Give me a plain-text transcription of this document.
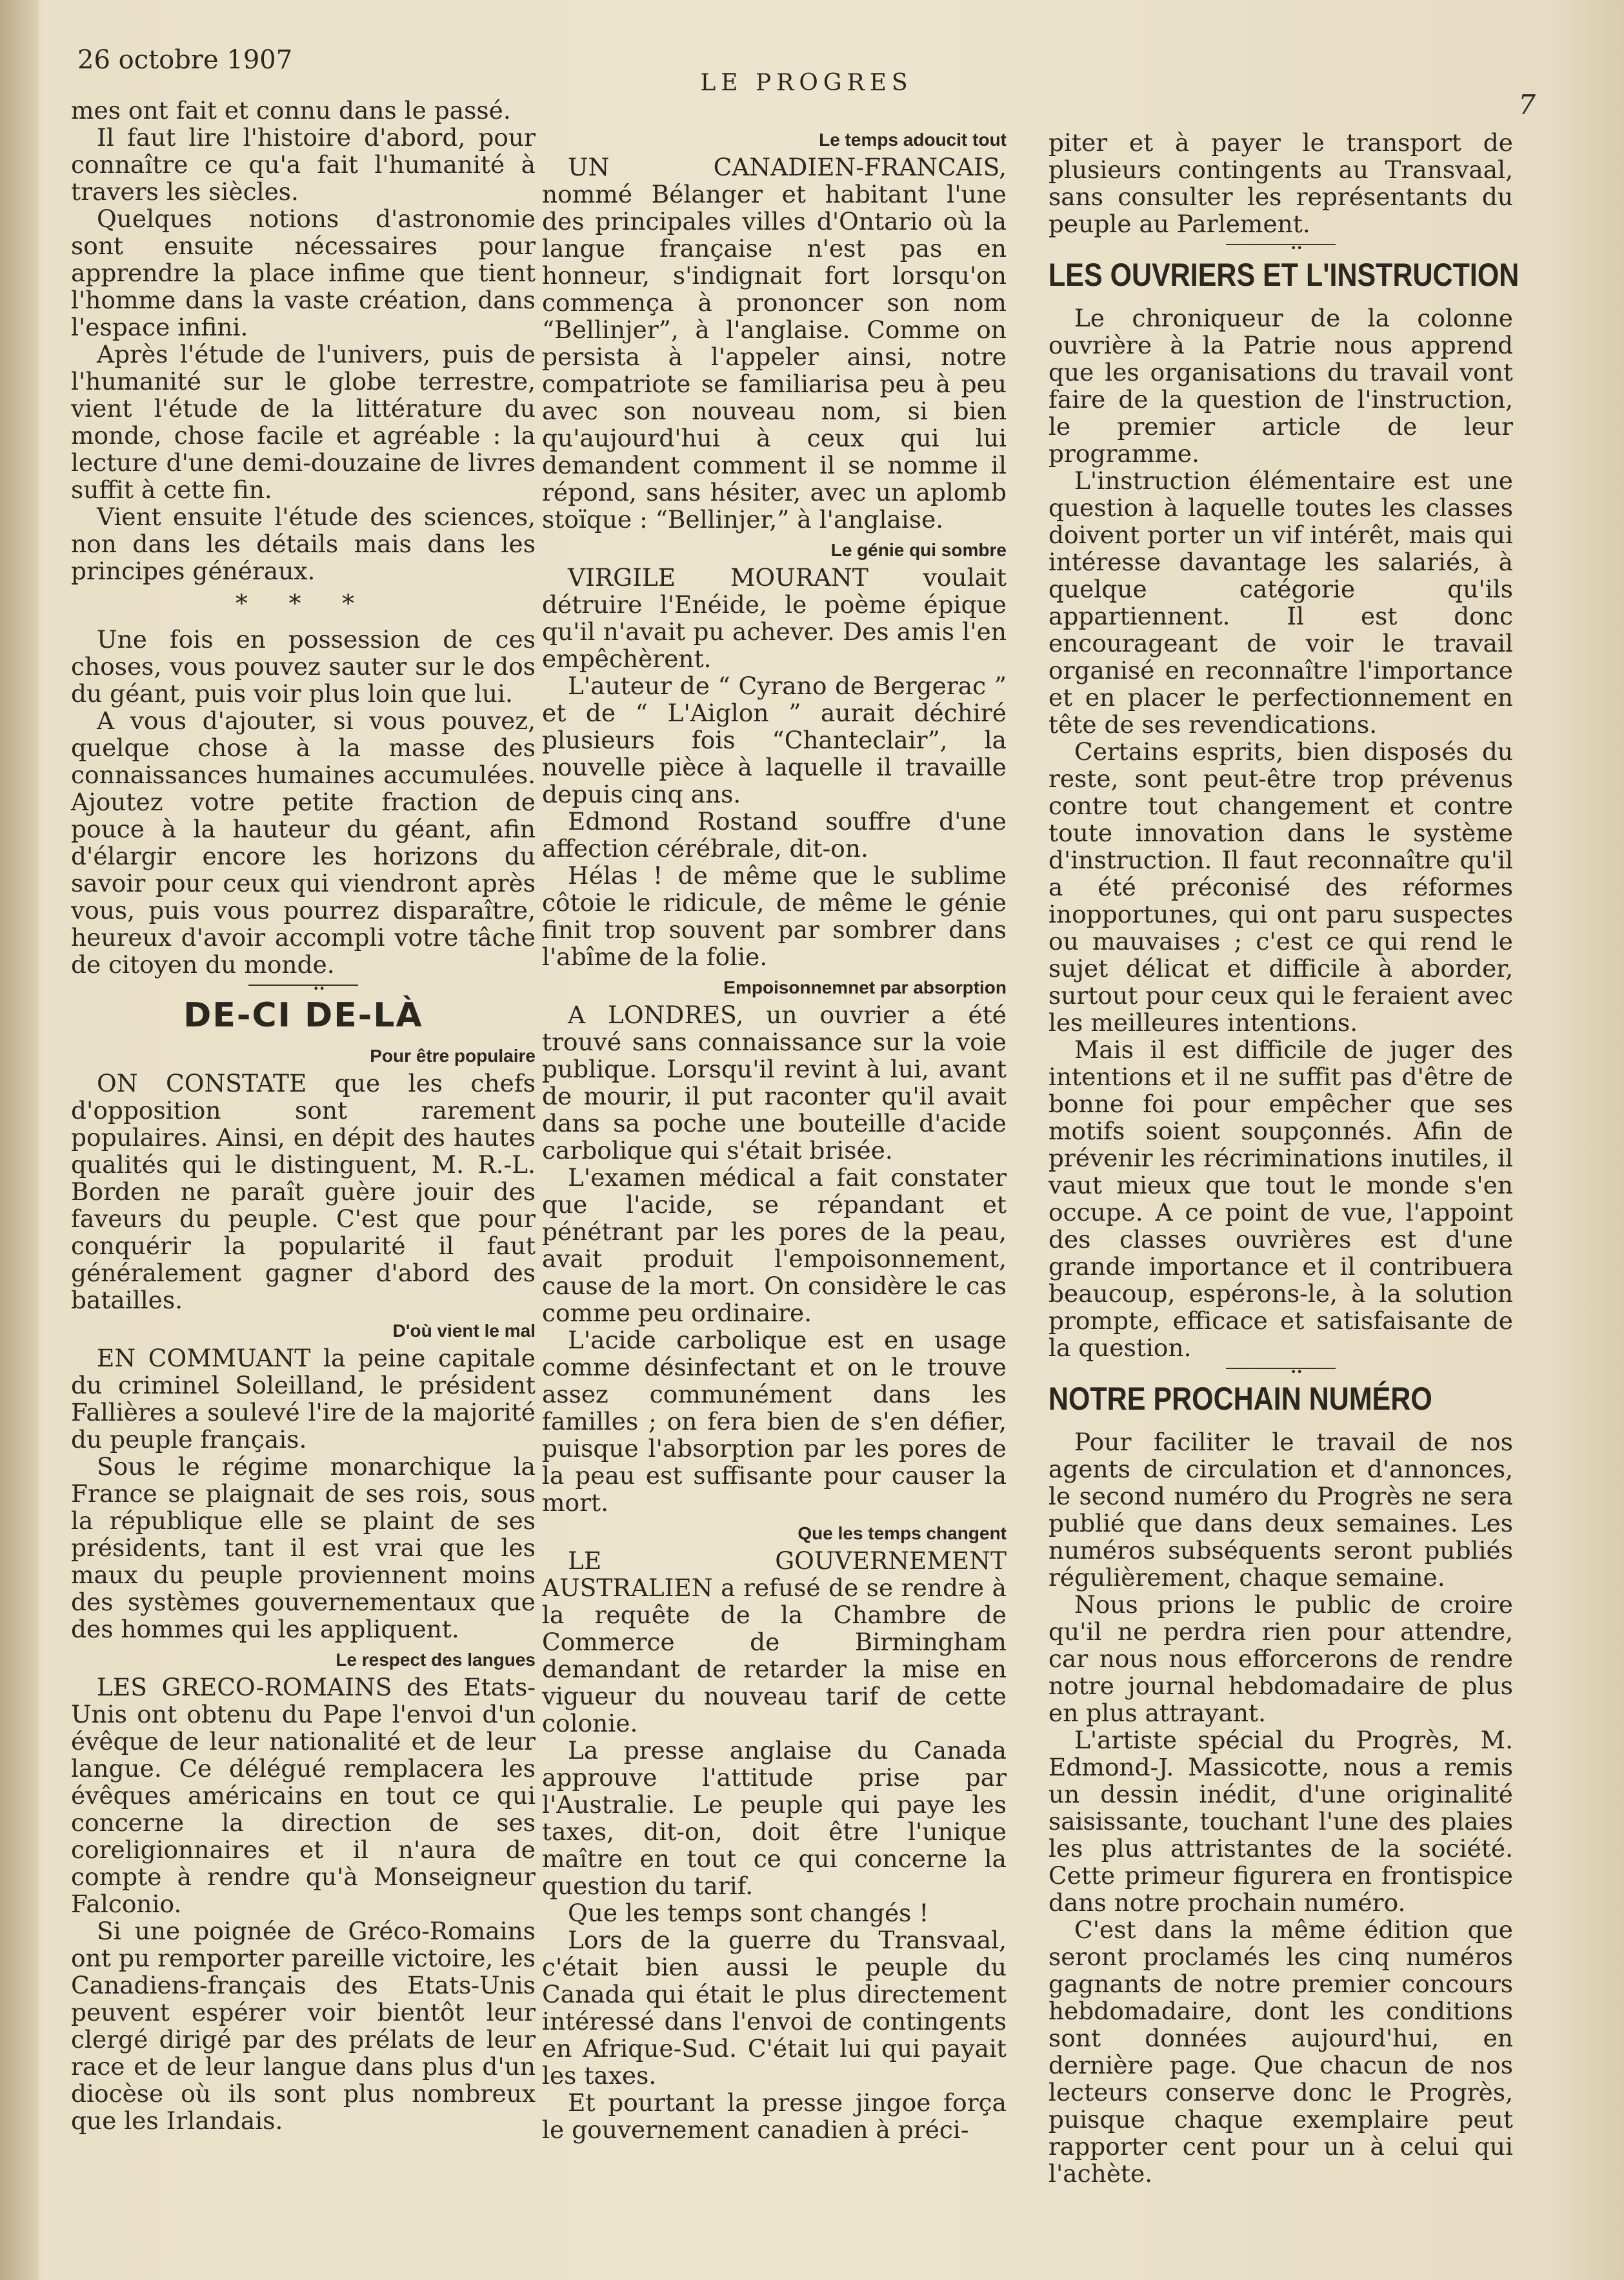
26 octobre 1907
LE PROGRES
7

mes ont fait et connu dans le passé.

Il faut lire l'histoire d'abord, pour connaître ce qu'a fait l'humanité à travers les siècles.

Quelques notions d'astronomie sont ensuite nécessaires pour apprendre la place infime que tient l'homme dans la vaste création, dans l'espace infini.

Après l'étude de l'univers, puis de l'humanité sur le globe terrestre, vient l'étude de la littérature du monde, chose facile et agréable : la lecture d'une demi-douzaine de livres suffit à cette fin.

Vient ensuite l'étude des sciences, non dans les détails mais dans les principes généraux.

* * *

Une fois en possession de ces choses, vous pouvez sauter sur le dos du géant, puis voir plus loin que lui.

A vous d'ajouter, si vous pouvez, quelque chose à la masse des connaissances humaines accumulées. Ajoutez votre petite fraction de pouce à la hauteur du géant, afin d'élargir encore les horizons du savoir pour ceux qui viendront après vous, puis vous pourrez disparaître, heureux d'avoir accompli votre tâche de citoyen du monde.

••
DE-CI DE-LÀ
Pour être populaire

ON CONSTATE que les chefs d'opposition sont rarement populaires. Ainsi, en dépit des hautes qualités qui le distinguent, M. R.-L. Borden ne paraît guère jouir des faveurs du peuple. C'est que pour conquérir la popularité il faut généralement gagner d'abord des batailles.

D'où vient le mal

EN COMMUANT la peine capitale du criminel Soleilland, le président Fallières a soulevé l'ire de la majorité du peuple français.

Sous le régime monarchique la France se plaignait de ses rois, sous la république elle se plaint de ses présidents, tant il est vrai que les maux du peuple proviennent moins des systèmes gouvernementaux que des hommes qui les appliquent.

Le respect des langues

LES GRECO-ROMAINS des Etats-Unis ont obtenu du Pape l'envoi d'un évêque de leur nationalité et de leur langue. Ce délégué remplacera les évêques américains en tout ce qui concerne la direction de ses coreligionnaires et il n'aura de compte à rendre qu'à Monseigneur Falconio.

Si une poignée de Gréco-Romains ont pu remporter pareille victoire, les Canadiens-français des Etats-Unis peuvent espérer voir bientôt leur clergé dirigé par des prélats de leur race et de leur langue dans plus d'un diocèse où ils sont plus nombreux que les Irlandais.

Le temps adoucit tout

UN CANADIEN-FRANCAIS, nommé Bélanger et habitant l'une des principales villes d'Ontario où la langue française n'est pas en honneur, s'indignait fort lorsqu'on commença à prononcer son nom “Bellinjer”, à l'anglaise. Comme on persista à l'appeler ainsi, notre compatriote se familiarisa peu à peu avec son nouveau nom, si bien qu'aujourd'hui à ceux qui lui demandent comment il se nomme il répond, sans hésiter, avec un aplomb stoïque : “Bellinjer,” à l'anglaise.

Le génie qui sombre

VIRGILE MOURANT voulait détruire l'Enéide, le poème épique qu'il n'avait pu achever. Des amis l'en empêchèrent.

L'auteur de “ Cyrano de Bergerac ” et de “ L'Aiglon ” aurait déchiré plusieurs fois “Chanteclair”, la nouvelle pièce à laquelle il travaille depuis cinq ans.

Edmond Rostand souffre d'une affection cérébrale, dit-on.

Hélas ! de même que le sublime côtoie le ridicule, de même le génie finit trop souvent par sombrer dans l'abîme de la folie.

Empoisonnemnet par absorption

A LONDRES, un ouvrier a été trouvé sans connaissance sur la voie publique. Lorsqu'il revint à lui, avant de mourir, il put raconter qu'il avait dans sa poche une bouteille d'acide carbolique qui s'était brisée.

L'examen médical a fait constater que l'acide, se répandant et pénétrant par les pores de la peau, avait produit l'empoisonnement, cause de la mort. On considère le cas comme peu ordinaire.

L'acide carbolique est en usage comme désinfectant et on le trouve assez communément dans les familles ; on fera bien de s'en défier, puisque l'absorption par les pores de la peau est suffisante pour causer la mort.

Que les temps changent

LE GOUVERNEMENT AUSTRALIEN a refusé de se rendre à la requête de la Chambre de Commerce de Birmingham demandant de retarder la mise en vigueur du nouveau tarif de cette colonie.

La presse anglaise du Canada approuve l'attitude prise par l'Australie. Le peuple qui paye les taxes, dit-on, doit être l'unique maître en tout ce qui concerne la question du tarif.

Que les temps sont changés !

Lors de la guerre du Transvaal, c'était bien aussi le peuple du Canada qui était le plus directement intéressé dans l'envoi de contingents en Afrique-Sud. C'était lui qui payait les taxes.

Et pourtant la presse jingoe força le gouvernement canadien à préci-

piter et à payer le transport de plusieurs contingents au Transvaal, sans consulter les représentants du peuple au Parlement.

••
LES OUVRIERS ET L'INSTRUCTION

Le chroniqueur de la colonne ouvrière à la Patrie nous apprend que les organisations du travail vont faire de la question de l'instruction, le premier article de leur programme.

L'instruction élémentaire est une question à laquelle toutes les classes doivent porter un vif intérêt, mais qui intéresse davantage les salariés, à quelque catégorie qu'ils appartiennent. Il est donc encourageant de voir le travail organisé en reconnaître l'importance et en placer le perfectionnement en tête de ses revendications.

Certains esprits, bien disposés du reste, sont peut-être trop prévenus contre tout changement et contre toute innovation dans le système d'instruction. Il faut reconnaître qu'il a été préconisé des réformes inopportunes, qui ont paru suspectes ou mauvaises ; c'est ce qui rend le sujet délicat et difficile à aborder, surtout pour ceux qui le feraient avec les meilleures intentions.

Mais il est difficile de juger des intentions et il ne suffit pas d'être de bonne foi pour empêcher que ses motifs soient soupçonnés. Afin de prévenir les récriminations inutiles, il vaut mieux que tout le monde s'en occupe. A ce point de vue, l'appoint des classes ouvrières est d'une grande importance et il contribuera beaucoup, espérons-le, à la solution prompte, efficace et satisfaisante de la question.

••
NOTRE PROCHAIN NUMÉRO

Pour faciliter le travail de nos agents de circulation et d'annonces, le second numéro du Progrès ne sera publié que dans deux semaines. Les numéros subséquents seront publiés régulièrement, chaque semaine.

Nous prions le public de croire qu'il ne perdra rien pour attendre, car nous nous efforcerons de rendre notre journal hebdomadaire de plus en plus attrayant.

L'artiste spécial du Progrès, M. Edmond-J. Massicotte, nous a remis un dessin inédit, d'une originalité saisissante, touchant l'une des plaies les plus attristantes de la société. Cette primeur figurera en frontispice dans notre prochain numéro.

C'est dans la même édition que seront proclamés les cinq numéros gagnants de notre premier concours hebdomadaire, dont les conditions sont données aujourd'hui, en dernière page. Que chacun de nos lecteurs conserve donc le Progrès, puisque chaque exemplaire peut rapporter cent pour un à celui qui l'achète.
